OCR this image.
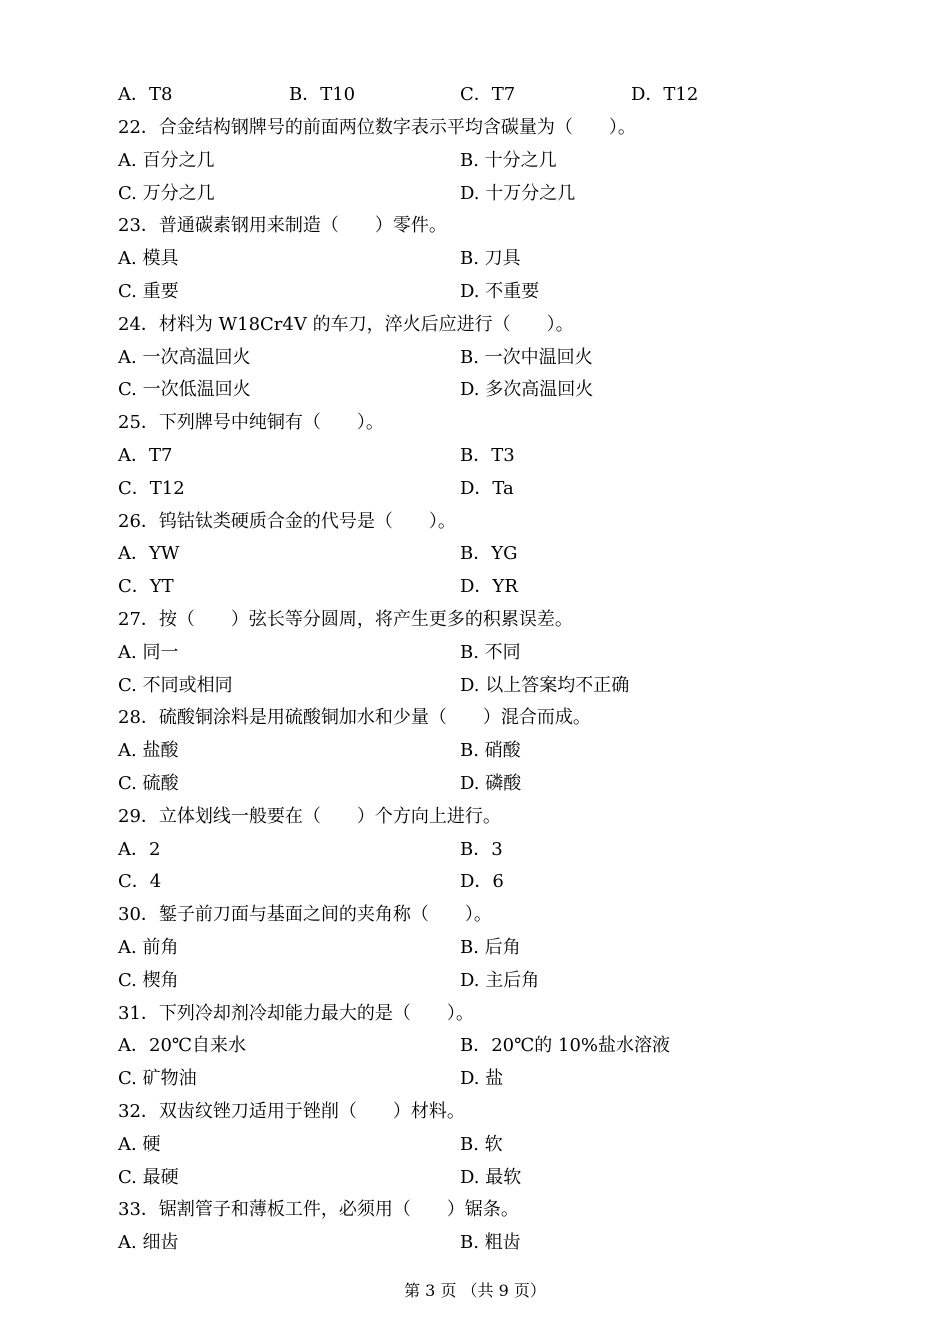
A．T8	B．T10	C．T7	D．T12
22．合金结构钢牌号的前面两位数字表示平均含碳量为（　　）。
A. 百分之几	B. 十分之几
C. 万分之几	D. 十万分之几
23．普通碳素钢用来制造（　　）零件。
A. 模具	B. 刀具
C. 重要	D. 不重要
24．材料为 W18Cr4V 的车刀，淬火后应进行（　　）。
A. 一次高温回火	B. 一次中温回火
C. 一次低温回火	D. 多次高温回火
25．下列牌号中纯铜有（　　）。
A．T7	B．T3
C．T12	D．Ta
26．钨钴钛类硬质合金的代号是（　　）。
A．YW	B．YG
C．YT	D．YR
27．按（　　）弦长等分圆周，将产生更多的积累误差。
A. 同一	B. 不同
C. 不同或相同	D. 以上答案均不正确
28．硫酸铜涂料是用硫酸铜加水和少量（　　）混合而成。
A. 盐酸	B. 硝酸
C. 硫酸	D. 磷酸
29．立体划线一般要在（　　）个方向上进行。
A．2	B．3
C．4	D．6
30．錾子前刀面与基面之间的夹角称（　　）。
A. 前角	B. 后角
C. 楔角	D. 主后角
31．下列冷却剂冷却能力最大的是（　　）。
A．20℃自来水	B．20℃的 10%盐水溶液
C. 矿物油	D. 盐
32．双齿纹锉刀适用于锉削（　　）材料。
A. 硬	B. 软
C. 最硬	D. 最软
33．锯割管子和薄板工件，必须用（　　）锯条。
A. 细齿	B. 粗齿
第 3 页 （共 9 页）
